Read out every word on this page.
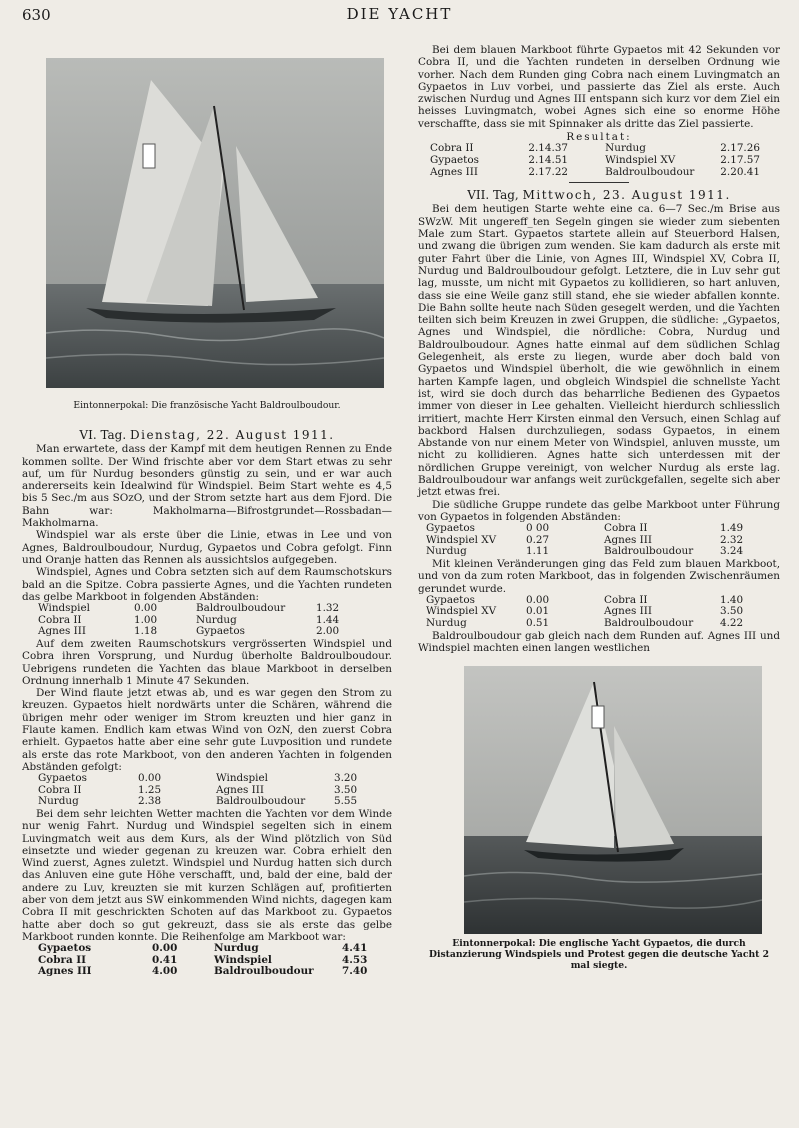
630	DIE YACHT
Eintonnerpokal: Die französische Yacht Baldroulboudour.
VI. Tag. Dienstag, 22. August 1911.

Man erwartete, dass der Kampf mit dem heutigen Rennen zu Ende kommen sollte. Der Wind frischte aber vor dem Start etwas zu sehr auf, um für Nurdug besonders günstig zu sein, und er war auch andererseits kein Idealwind für Windspiel. Beim Start wehte es 4,5 bis 5 Sec./m aus SOzO, und der Strom setzte hart aus dem Fjord. Die Bahn war: Makholmarna—Bifrostgrundet—Rossbadan—Makholmarna.

Windspiel war als erste über die Linie, etwas in Lee und von Agnes, Baldroulboudour, Nurdug, Gypaetos und Cobra gefolgt. Finn und Oranje hatten das Rennen als aussichtslos aufgegeben.

Windspiel, Agnes und Cobra setzten sich auf dem Raumschotskurs bald an die Spitze. Cobra passierte Agnes, und die Yachten rundeten das gelbe Markboot in folgenden Abständen:

Windspiel	0.00	Baldroulboudour	1.32
Cobra II	1.00	Nurdug	1.44
Agnes III	1.18	Gypaetos	2.00

Auf dem zweiten Raumschotskurs vergrösserten Windspiel und Cobra ihren Vorsprung, und Nurdug überholte Baldroulboudour. Uebrigens rundeten die Yachten das blaue Markboot in derselben Ordnung innerhalb 1 Minute 47 Sekunden.

Der Wind flaute jetzt etwas ab, und es war gegen den Strom zu kreuzen. Gypaetos hielt nordwärts unter die Schären, während die übrigen mehr oder weniger im Strom kreuzten und hier ganz in Flaute kamen. Endlich kam etwas Wind von OzN, den zuerst Cobra erhielt. Gypaetos hatte aber eine sehr gute Luvposition und rundete als erste das rote Markboot, von den anderen Yachten in folgenden Abständen gefolgt:

Gypaetos	0.00	Windspiel	3.20
Cobra II	1.25	Agnes III	3.50
Nurdug	2.38	Baldroulboudour	5.55

Bei dem sehr leichten Wetter machten die Yachten vor dem Winde nur wenig Fahrt. Nurdug und Windspiel segelten sich in einem Luvingmatch weit aus dem Kurs, als der Wind plötzlich von Süd einsetzte und wieder gegenan zu kreuzen war. Cobra erhielt den Wind zuerst, Agnes zuletzt. Windspiel und Nurdug hatten sich durch das Anluven eine gute Höhe verschafft, und, bald der eine, bald der andere zu Luv, kreuzten sie mit kurzen Schlägen auf, profitierten aber von dem jetzt aus SW einkommenden Wind nichts, dagegen kam Cobra II mit geschrickten Schoten auf das Markboot zu. Gypaetos hatte aber doch so gut gekreuzt, dass sie als erste das gelbe Markboot runden konnte. Die Reihenfolge am Markboot war:

Gypaetos	0.00	Nurdug	4.41
Cobra II	0.41	Windspiel	4.53
Agnes III	4.00	Baldroulboudour	7.40

Bei dem blauen Markboot führte Gypaetos mit 42 Sekunden vor Cobra II, und die Yachten rundeten in derselben Ordnung wie vorher. Nach dem Runden ging Cobra nach einem Luvingmatch an Gypaetos in Luv vorbei, und passierte das Ziel als erste. Auch zwischen Nurdug und Agnes III entspann sich kurz vor dem Ziel ein heisses Luvingmatch, wobei Agnes sich eine so enorme Höhe verschaffte, dass sie mit Spinnaker als dritte das Ziel passierte.

Resultat:
Cobra II	2.14.37	Nurdug	2.17.26
Gypaetos	2.14.51	Windspiel XV	2.17.57
Agnes III	2.17.22	Baldroulboudour	2.20.41
VII. Tag, Mittwoch, 23. August 1911.

Bei dem heutigen Starte wehte eine ca. 6—7 Sec./m Brise aus SWzW. Mit ungereff_ten Segeln gingen sie wieder zum siebenten Male zum Start. Gypaetos startete allein auf Steuerbord Halsen, und zwang die übrigen zum wenden. Sie kam dadurch als erste mit guter Fahrt über die Linie, von Agnes III, Windspiel XV, Cobra II, Nurdug und Baldroulboudour gefolgt. Letztere, die in Luv sehr gut lag, musste, um nicht mit Gypaetos zu kollidieren, so hart anluven, dass sie eine Weile ganz still stand, ehe sie wieder abfallen konnte. Die Bahn sollte heute nach Süden gesegelt werden, und die Yachten teilten sich beim Kreuzen in zwei Gruppen, die südliche: „Gypaetos, Agnes und Windspiel, die nördliche: Cobra, Nurdug und Baldroulboudour. Agnes hatte einmal auf dem südlichen Schlag Gelegenheit, als erste zu liegen, wurde aber doch bald von Gypaetos und Windspiel überholt, die wie gewöhnlich in einem harten Kampfe lagen, und obgleich Windspiel die schnellste Yacht ist, wird sie doch durch das beharrliche Bedienen des Gypaetos immer von dieser in Lee gehalten. Vielleicht hierdurch schliesslich irritiert, machte Herr Kirsten einmal den Versuch, einen Schlag auf backbord Halsen durchzuliegen, sodass Gypaetos, in einem Abstande von nur einem Meter von Windspiel, anluven musste, um nicht zu kollidieren. Agnes hatte sich unterdessen mit der nördlichen Gruppe vereinigt, von welcher Nurdug als erste lag. Baldroulboudour war anfangs weit zurückgefallen, segelte sich aber jetzt etwas frei.

Die südliche Gruppe rundete das gelbe Markboot unter Führung von Gypaetos in folgenden Abständen:

Gypaetos	0 00	Cobra II	1.49
Windspiel XV	0.27	Agnes III	2.32
Nurdug	1.11	Baldroulboudour	3.24

Mit kleinen Veränderungen ging das Feld zum blauen Markboot, und von da zum roten Markboot, das in folgenden Zwischenräumen gerundet wurde.

Gypaetos	0.00	Cobra II	1.40
Windspiel XV	0.01	Agnes III	3.50
Nurdug	0.51	Baldroulboudour	4.22

Baldroulboudour gab gleich nach dem Runden auf. Agnes III und Windspiel machten einen langen westlichen

Eintonnerpokal: Die englische Yacht Gypaetos, die durch Distanzierung Windspiels und Protest gegen die deutsche Yacht 2 mal siegte.
